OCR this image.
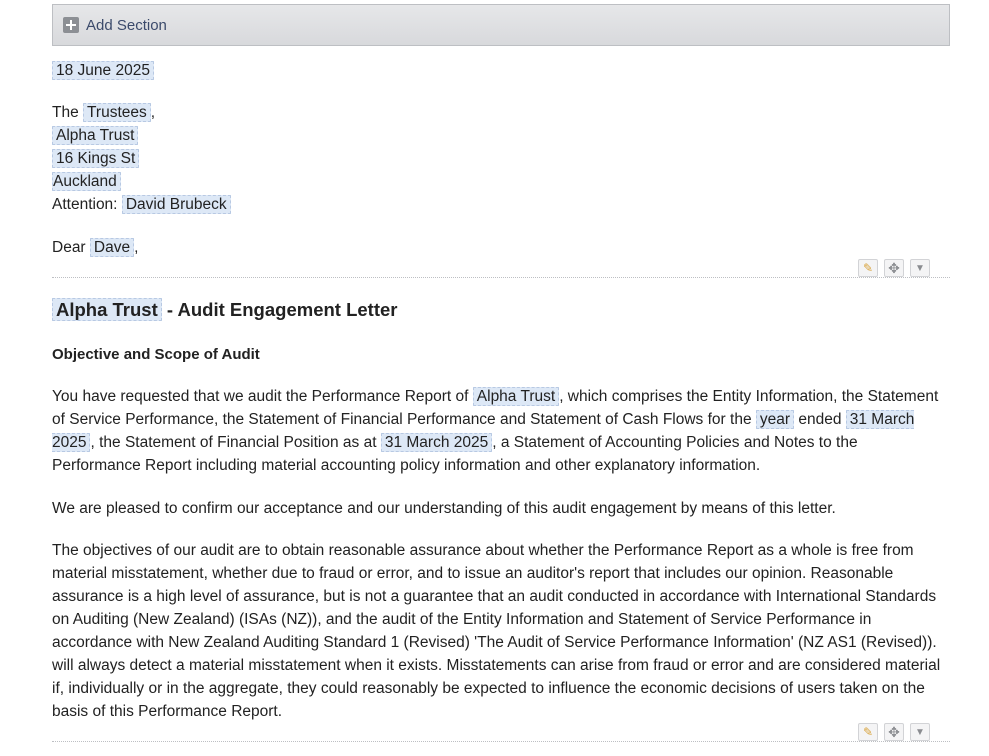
Add Section
18 June 2025
The Trustees ,
Alpha Trust
16 Kings St
Auckland
Attention: David Brubeck
Dear Dave ,
✎	✥	▼
Alpha Trust - Audit Engagement Letter
Objective and Scope of Audit
You have requested that we audit the Performance Report of Alpha Trust , which comprises the Entity Information, the Statement of Service Performance, the Statement of Financial Performance and Statement of Cash Flows for the year ended 31 March 2025 , the Statement of Financial Position as at 31 March 2025 , a Statement of Accounting Policies and Notes to the Performance Report including material accounting policy information and other explanatory information.
We are pleased to confirm our acceptance and our understanding of this audit engagement by means of this letter.
The objectives of our audit are to obtain reasonable assurance about whether the Performance Report as a whole is free from material misstatement, whether due to fraud or error, and to issue an auditor's report that includes our opinion. Reasonable assurance is a high level of assurance, but is not a guarantee that an audit conducted in accordance with International Standards on Auditing (New Zealand) (ISAs (NZ)), and the audit of the Entity Information and Statement of Service Performance in accordance with New Zealand Auditing Standard 1 (Revised) 'The Audit of Service Performance Information' (NZ AS1 (Revised)). will always detect a material misstatement when it exists. Misstatements can arise from fraud or error and are considered material if, individually or in the aggregate, they could reasonably be expected to influence the economic decisions of users taken on the basis of this Performance Report.
✎	✥	▼
